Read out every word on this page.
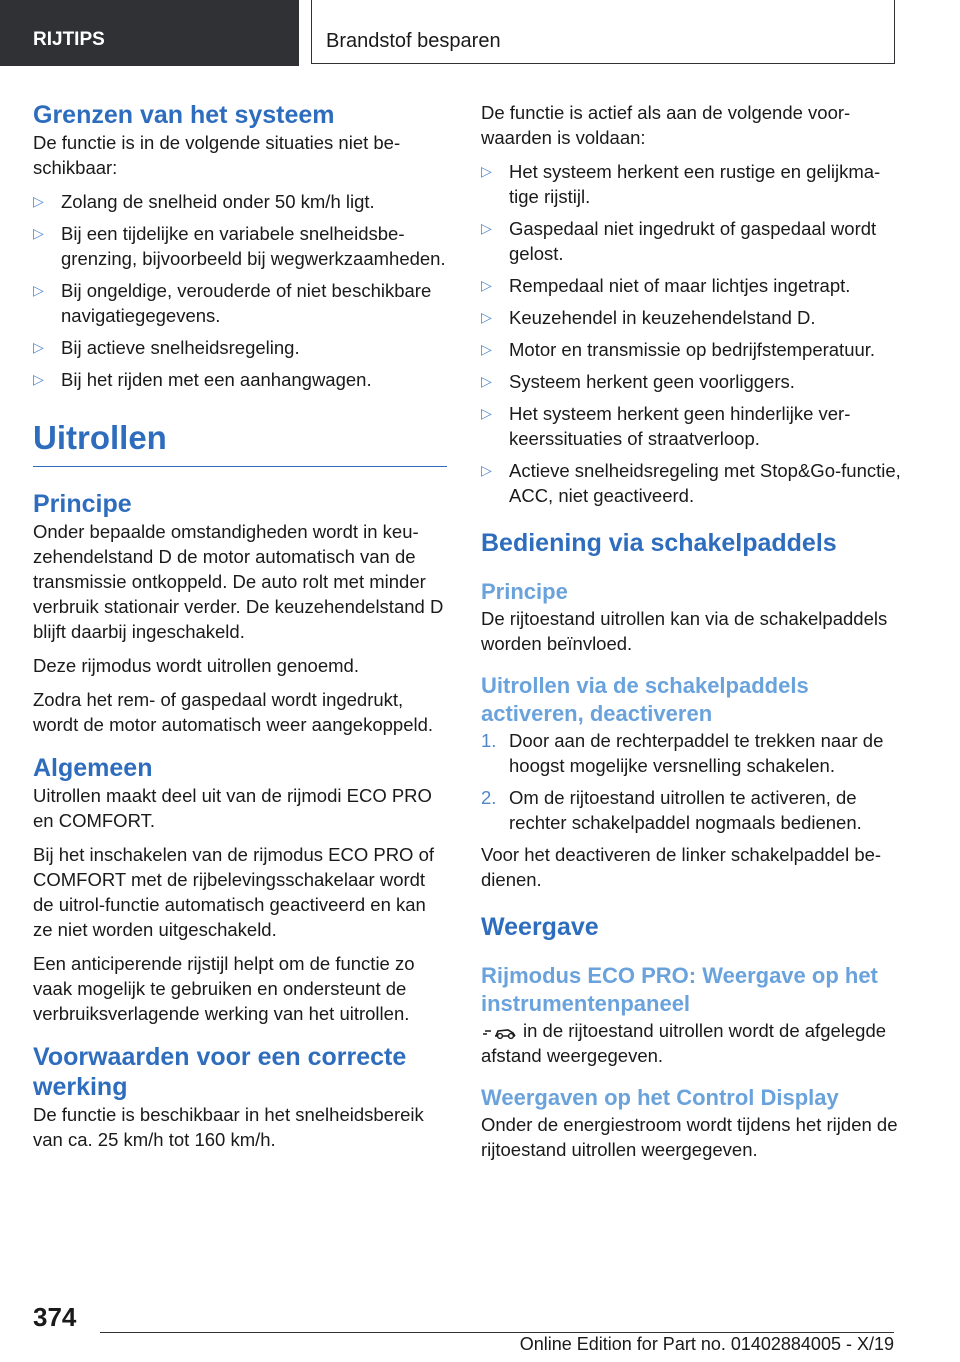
RIJTIPS	Brandstof besparen
Grenzen van het systeem

De functie is in de volgende situaties niet beschikbaar:

▷ Zolang de snelheid onder 50 km/h ligt.
▷ Bij een tijdelijke en variabele snelheidsbegrenzing, bijvoorbeeld bij wegwerkzaamheden.
▷ Bij ongeldige, verouderde of niet beschikbare navigatiegegevens.
▷ Bij actieve snelheidsregeling.
▷ Bij het rijden met een aanhangwagen.
Uitrollen
Principe

Onder bepaalde omstandigheden wordt in keuzehendelstand D de motor automatisch van de transmissie ontkoppeld. De auto rolt met minder verbruik stationair verder. De keuzehendelstand D blijft daarbij ingeschakeld.

Deze rijmodus wordt uitrollen genoemd.

Zodra het rem- of gaspedaal wordt ingedrukt, wordt de motor automatisch weer aangekoppeld.

Algemeen

Uitrollen maakt deel uit van de rijmodi ECO PRO en COMFORT.

Bij het inschakelen van de rijmodus ECO PRO of COMFORT met de rijbelevingsschakelaar wordt de uitrol-functie automatisch geactiveerd en kan ze niet worden uitgeschakeld.

Een anticiperende rijstijl helpt om de functie zo vaak mogelijk te gebruiken en ondersteunt de verbruiksverlagende werking van het uitrollen.

Voorwaarden voor een correcte werking

De functie is beschikbaar in het snelheidsbereik van ca. 25 km/h tot 160 km/h.

De functie is actief als aan de volgende voorwaarden is voldaan:

▷ Het systeem herkent een rustige en gelijkmatige rijstijl.
▷ Gaspedaal niet ingedrukt of gaspedaal wordt gelost.
▷ Rempedaal niet of maar lichtjes ingetrapt.
▷ Keuzehendel in keuzehendelstand D.
▷ Motor en transmissie op bedrijfstemperatuur.
▷ Systeem herkent geen voorliggers.
▷ Het systeem herkent geen hinderlijke verkeerssituaties of straatverloop.
▷ Actieve snelheidsregeling met Stop&Go-functie, ACC, niet geactiveerd.
Bediening via schakelpaddels
Principe

De rijtoestand uitrollen kan via de schakelpaddels worden beïnvloed.

Uitrollen via de schakelpaddels activeren, deactiveren
1. Door aan de rechterpaddel te trekken naar de hoogst mogelijke versnelling schakelen.
2. Om de rijtoestand uitrollen te activeren, de rechter schakelpaddel nogmaals bedienen.

Voor het deactiveren de linker schakelpaddel bedienen.

Weergave
Rijmodus ECO PRO: Weergave op het instrumentenpaneel

in de rijtoestand uitrollen wordt de afgelegde afstand weergegeven.

Weergaven op het Control Display

Onder de energiestroom wordt tijdens het rijden de rijtoestand uitrollen weergegeven.

374
Online Edition for Part no. 01402884005 - X/19
